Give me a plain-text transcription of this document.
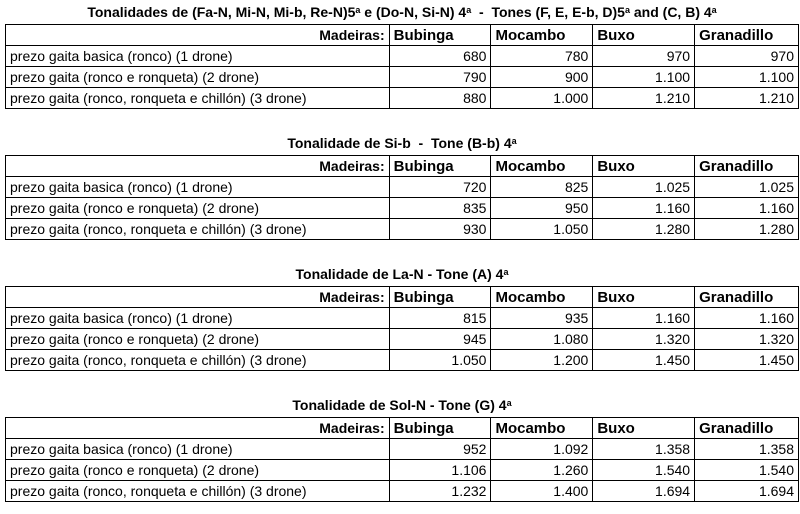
Tonalidades de (Fa-N, Mi-N, Mi-b, Re-N)5$^a$ e (Do-N, Si-N) 4$^a$  -  Tones (F, E, E-b, D)5$^a$ and (C, B) 4$^a$
Madeiras:	Bubinga	Mocambo	Buxo	Granadillo
prezo gaita basica (ronco) (1 drone)	680	780	970	970
prezo gaita (ronco e ronqueta) (2 drone)	790	900	1.100	1.100
prezo gaita (ronco, ronqueta e chillón) (3 drone)	880	1.000	1.210	1.210
Tonalidade de Si-b  -  Tone (B-b) 4$^a$
Madeiras:	Bubinga	Mocambo	Buxo	Granadillo
prezo gaita basica (ronco) (1 drone)	720	825	1.025	1.025
prezo gaita (ronco e ronqueta) (2 drone)	835	950	1.160	1.160
prezo gaita (ronco, ronqueta e chillón) (3 drone)	930	1.050	1.280	1.280
Tonalidade de La-N - Tone (A) 4$^a$
Madeiras:	Bubinga	Mocambo	Buxo	Granadillo
prezo gaita basica (ronco) (1 drone)	815	935	1.160	1.160
prezo gaita (ronco e ronqueta) (2 drone)	945	1.080	1.320	1.320
prezo gaita (ronco, ronqueta e chillón) (3 drone)	1.050	1.200	1.450	1.450
Tonalidade de Sol-N - Tone (G) 4$^a$
Madeiras:	Bubinga	Mocambo	Buxo	Granadillo
prezo gaita basica (ronco) (1 drone)	952	1.092	1.358	1.358
prezo gaita (ronco e ronqueta) (2 drone)	1.106	1.260	1.540	1.540
prezo gaita (ronco, ronqueta e chillón) (3 drone)	1.232	1.400	1.694	1.694
